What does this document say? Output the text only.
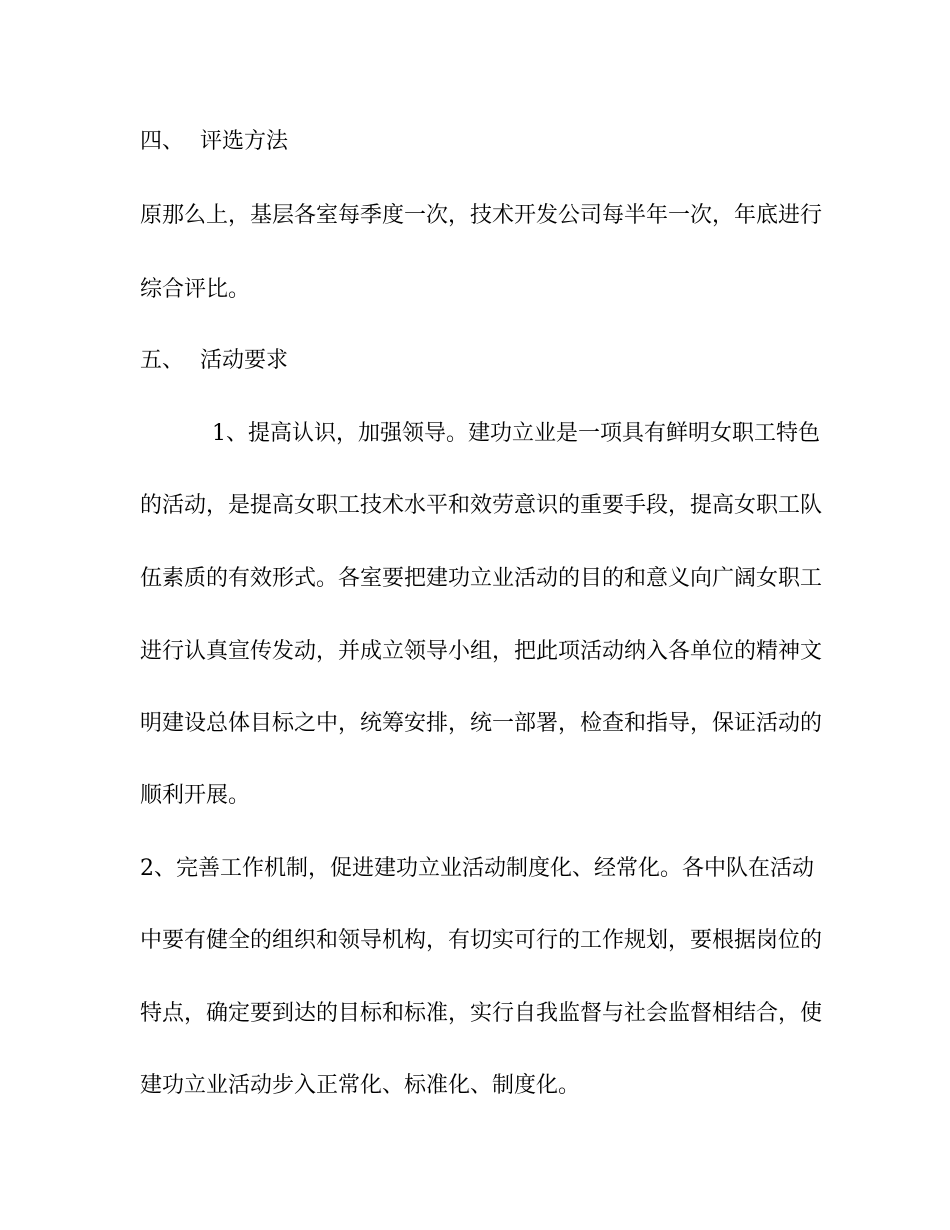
四、 评选方法
原那么上，基层各室每季度一次，技术开发公司每半年一次，年底进行
综合评比。
五、 活动要求
1、提高认识，加强领导。建功立业是一项具有鲜明女职工特色
的活动，是提高女职工技术水平和效劳意识的重要手段，提高女职工队
伍素质的有效形式。各室要把建功立业活动的目的和意义向广阔女职工
进行认真宣传发动，并成立领导小组，把此项活动纳入各单位的精神文
明建设总体目标之中，统筹安排，统一部署，检查和指导，保证活动的
顺利开展。
2、完善工作机制，促进建功立业活动制度化、经常化。各中队在活动
中要有健全的组织和领导机构，有切实可行的工作规划，要根据岗位的
特点，确定要到达的目标和标准，实行自我监督与社会监督相结合，使
建功立业活动步入正常化、标准化、制度化。
